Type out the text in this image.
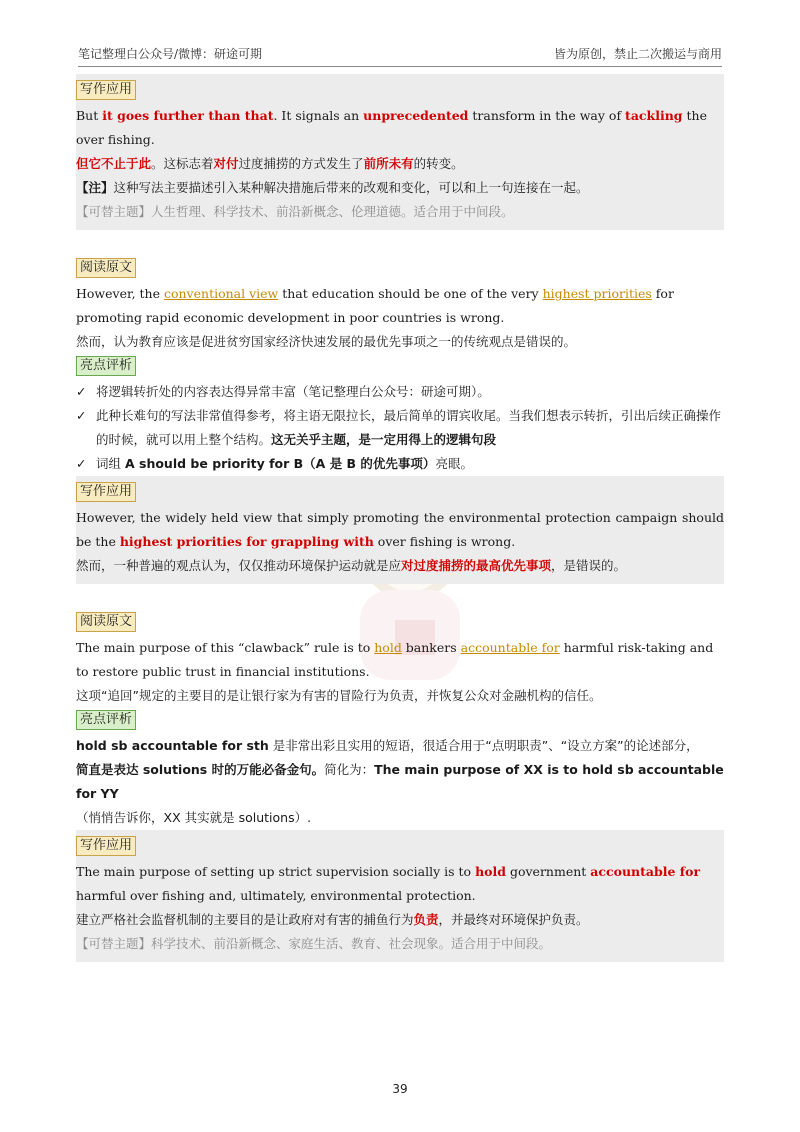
笔记整理白公众号/微博：研途可期	皆为原创，禁止二次搬运与商用
写作应用

But it goes further than that. It signals an unprecedented transform in the way of tackling the over fishing.

但它不止于此。这标志着对付过度捕捞的方式发生了前所未有的转变。

【注】这种写法主要描述引入某种解决措施后带来的改观和变化，可以和上一句连接在一起。

【可替主题】人生哲理、科学技术、前沿新概念、伦理道德。适合用于中间段。

阅读原文

However, the conventional view that education should be one of the very highest priorities for promoting rapid economic development in poor countries is wrong.

然而，认为教育应该是促进贫穷国家经济快速发展的最优先事项之一的传统观点是错误的。

亮点评析

✓ 将逻辑转折处的内容表达得异常丰富（笔记整理白公众号：研途可期）。

✓ 此种长难句的写法非常值得参考，将主语无限拉长，最后简单的谓宾收尾。当我们想表示转折，引出后续正确操作的时候，就可以用上整个结构。这无关乎主题，是一定用得上的逻辑句段

✓ 词组 A should be priority for B（A 是 B 的优先事项）亮眼。

写作应用

However, the widely held view that simply promoting the environmental protection campaign should be the highest priorities for grappling with over fishing is wrong.

然而，一种普遍的观点认为，仅仅推动环境保护运动就是应对过度捕捞的最高优先事项，是错误的。

阅读原文

The main purpose of this “clawback” rule is to hold bankers accountable for harmful risk-taking and to restore public trust in financial institutions.

这项“追回”规定的主要目的是让银行家为有害的冒险行为负责，并恢复公众对金融机构的信任。

亮点评析

hold sb accountable for sth 是非常出彩且实用的短语，很适合用于“点明职责”、“设立方案”的论述部分，

简直是表达 solutions 时的万能必备金句。简化为：The main purpose of XX is to hold sb accountable for YY

（悄悄告诉你，XX 其实就是 solutions）.

写作应用

The main purpose of setting up strict supervision socially is to hold government accountable for harmful over fishing and, ultimately, environmental protection.

建立严格社会监督机制的主要目的是让政府对有害的捕鱼行为负责，并最终对环境保护负责。

【可替主题】科学技术、前沿新概念、家庭生活、教育、社会现象。适合用于中间段。

39
